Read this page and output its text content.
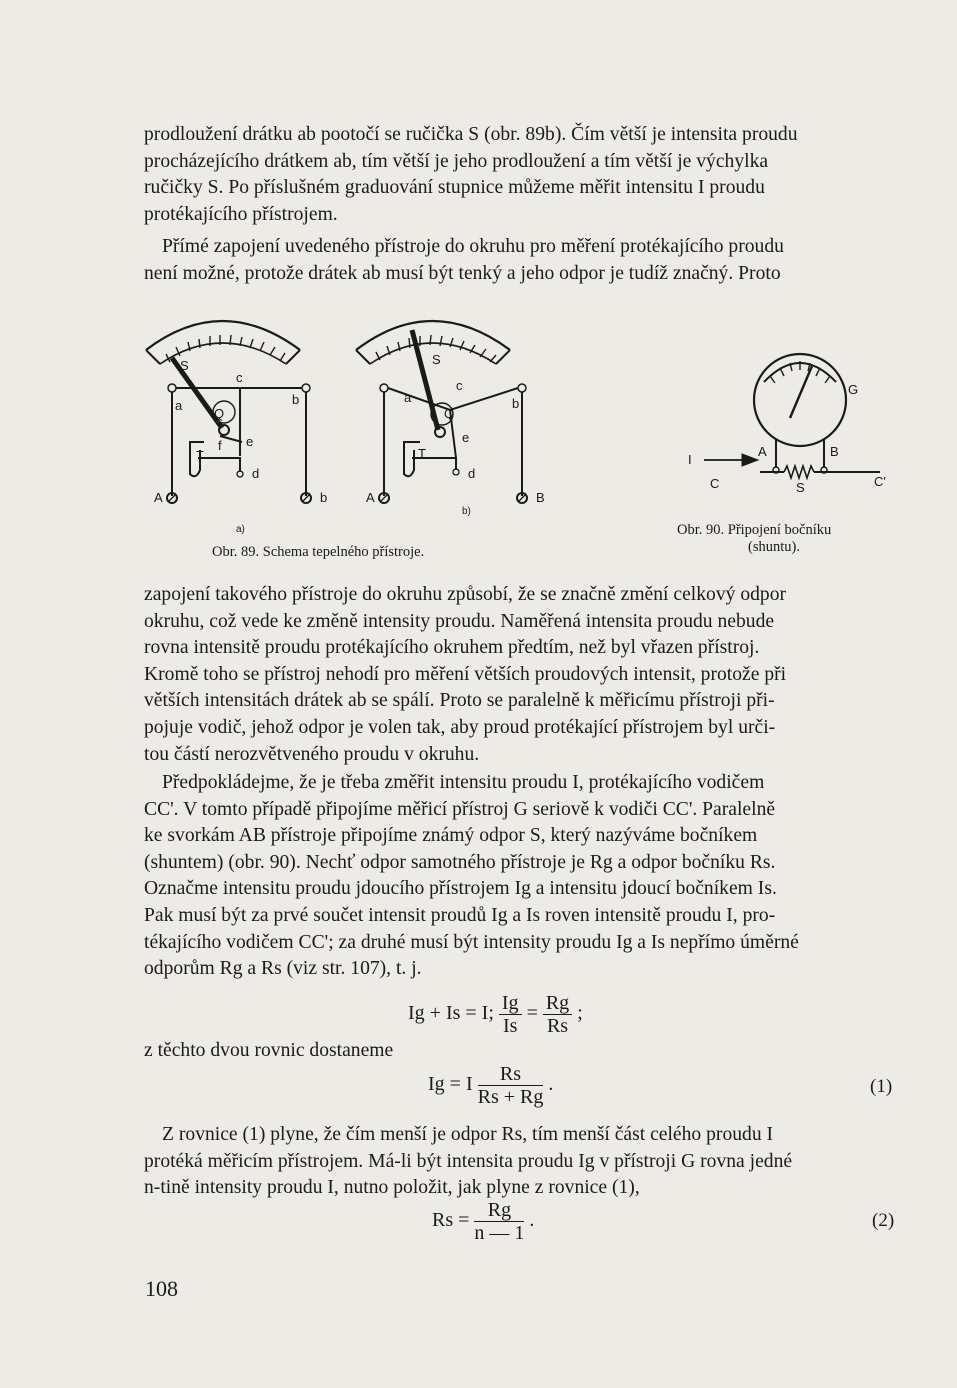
prodloužení drátku ab pootočí se ručička S (obr. 89b). Čím větší je intensita proudu

procházejícího drátkem ab, tím větší je jeho prodloužení a tím větší je výchylka

ručičky S. Po příslušném graduování stupnice můžeme měřit intensitu I proudu

protékajícího přístrojem.

Přímé zapojení uvedeného přístroje do okruhu pro měření protékajícího proudu

není možné, protože drátek ab musí být tenký a jeho odpor je tudíž značný. Proto

S
c
a
Q
T
f e
d
b
A	b
a)
S
c
a
Q
T
e
d
b
A	B
b)
G
I
A	B
C	S	C'
Obr. 89. Schema tepelného přístroje.
Obr. 90. Připojení bočníku
(shuntu).

zapojení takového přístroje do okruhu způsobí, že se značně změní celkový odpor

okruhu, což vede ke změně intensity proudu. Naměřená intensita proudu nebude

rovna intensitě proudu protékajícího okruhem předtím, než byl vřazen přístroj.

Kromě toho se přístroj nehodí pro měření větších proudových intensit, protože při

větších intensitách drátek ab se spálí. Proto se paralelně k měřicímu přístroji při-

pojuje vodič, jehož odpor je volen tak, aby proud protékající přístrojem byl urči-

tou částí nerozvětveného proudu v okruhu.

Předpokládejme, že je třeba změřit intensitu proudu I, protékajícího vodičem

CC'. V tomto případě připojíme měřicí přístroj G seriově k vodiči CC'. Paralelně

ke svorkám AB přístroje připojíme známý odpor S, který nazýváme bočníkem

(shuntem) (obr. 90). Nechť odpor samotného přístroje je Rg a odpor bočníku Rs.

Označme intensitu proudu jdoucího přístrojem Ig a intensitu jdoucí bočníkem Is.

Pak musí být za prvé součet intensit proudů Ig a Is roven intensitě proudu I, pro-

tékajícího vodičem CC'; za druhé musí být intensity proudu Ig a Is nepřímo úměrné

odporům Rg a Rs (viz str. 107), t. j.

Ig + Is = I; $\frac{Ig}{Is} = \frac{Rg}{Rs}$ ;

z těchto dvou rovnic dostaneme

Ig = I $\frac{Rs}{Rs + Rg}$ .	(1)

Z rovnice (1) plyne, že čím menší je odpor Rs, tím menší část celého proudu I

protéká měřicím přístrojem. Má-li být intensita proudu Ig v přístroji G rovna jedné

n-tině intensity proudu I, nutno položit, jak plyne z rovnice (1),

$Rs = \frac{Rg}{n — 1}$ .	(2)
108
